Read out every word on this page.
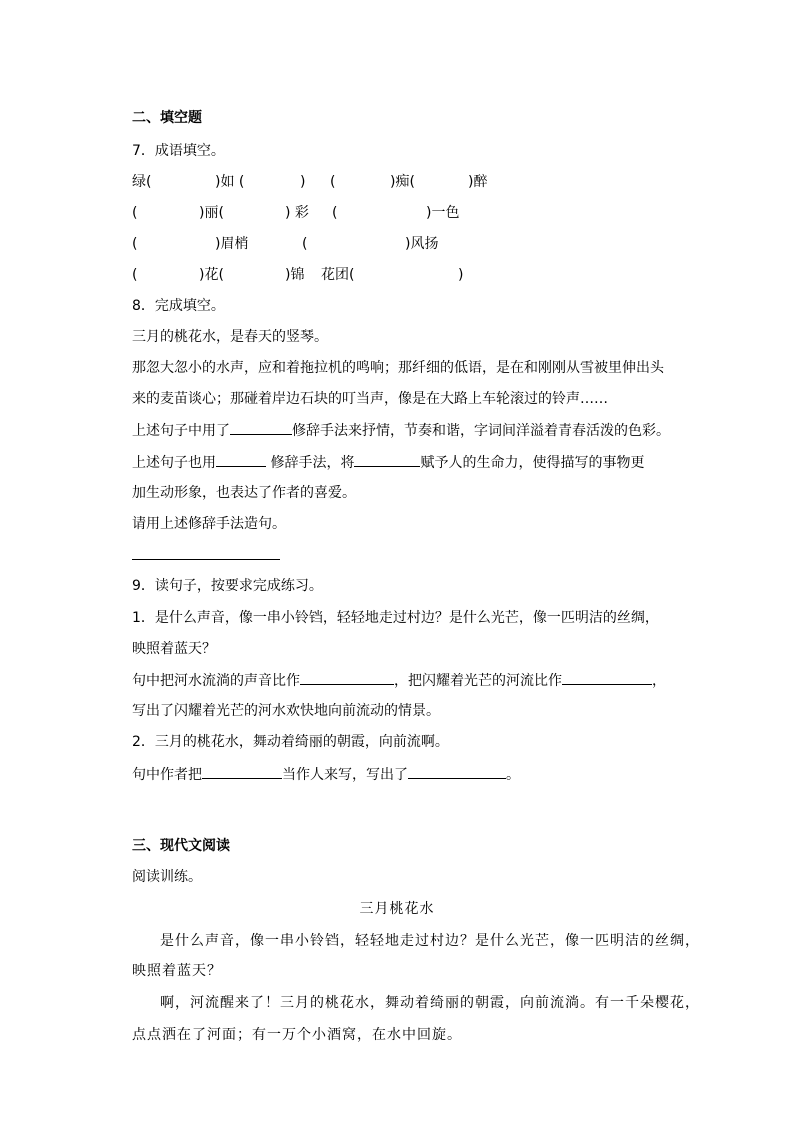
二、填空题
7．成语填空。
绿(	)如 (	) (	)痴(	)醉
(	)丽(	) 彩 (	)一色
(	)眉梢	(	)风扬
(	)花(	)锦 花团(	)
8．完成填空。
三月的桃花水，是春天的竖琴。
那忽大忽小的水声，应和着拖拉机的鸣响；那纤细的低语，是在和刚刚从雪被里伸出头
来的麦苗谈心；那碰着岸边石块的叮当声，像是在大路上车轮滚过的铃声……
上述句子中用了	修辞手法来抒情，节奏和谐，字词间洋溢着青春活泼的色彩。
上述句子也用	修辞手法，将	赋予人的生命力，使得描写的事物更
加生动形象，也表达了作者的喜爱。
请用上述修辞手法造句。
9．读句子，按要求完成练习。
1．是什么声音，像一串小铃铛，轻轻地走过村边？是什么光芒，像一匹明洁的丝绸，
映照着蓝天？
句中把河水流淌的声音比作	，把闪耀着光芒的河流比作	，
写出了闪耀着光芒的河水欢快地向前流动的情景。
2．三月的桃花水，舞动着绮丽的朝霞，向前流啊。
句中作者把	当作人来写，写出了	。
三、现代文阅读
阅读训练。
三月桃花水
是什么声音，像一串小铃铛，轻轻地走过村边？是什么光芒，像一匹明洁的丝绸，
映照着蓝天？
啊，河流醒来了！三月的桃花水，舞动着绮丽的朝霞，向前流淌。有一千朵樱花，
点点洒在了河面；有一万个小酒窝，在水中回旋。
